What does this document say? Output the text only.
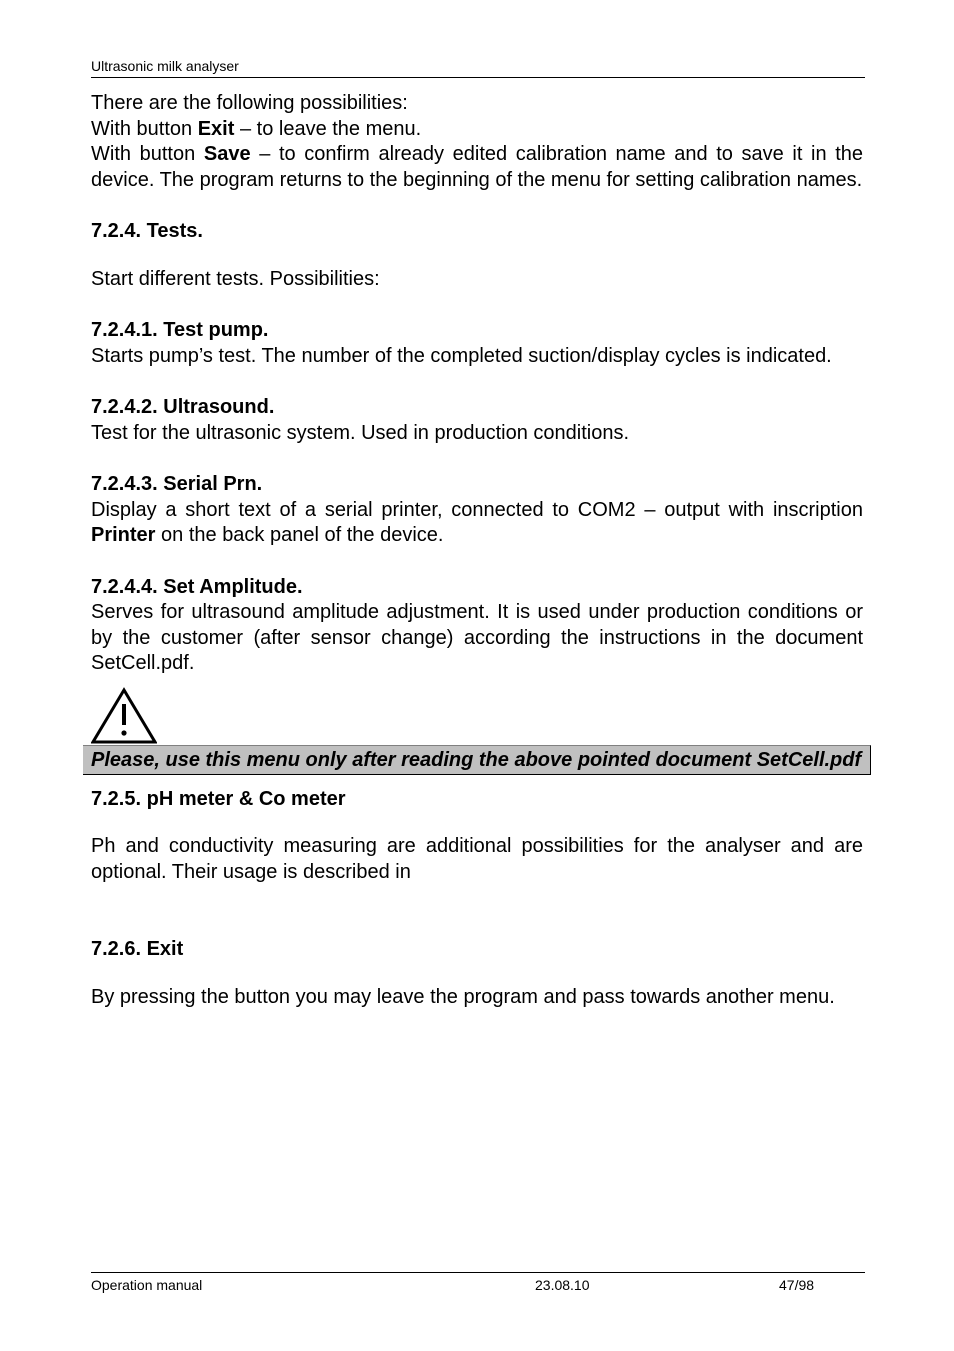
Ultrasonic milk analyser

There are the following possibilities:

With button Exit – to leave the menu.

With button Save – to confirm already edited calibration name and to save it in the device. The program returns to the beginning of the menu for setting calibration names.

7.2.4. Tests.

Start different tests. Possibilities:

7.2.4.1. Test pump.

Starts pump’s test. The number of the completed suction/display cycles is indicated.

7.2.4.2. Ultrasound.

Test for the ultrasonic system. Used in production conditions.

7.2.4.3. Serial Prn.

Display a short text of a serial printer, connected to COM2 – output with inscription Printer on the back panel of the device.

7.2.4.4. Set Amplitude.

Serves for ultrasound amplitude adjustment. It is used under production conditions or by the customer (after sensor change) according the instructions in the document SetCell.pdf.

Please, use this menu only after reading the above pointed document SetCell.pdf

7.2.5. pH meter & Co meter

Ph and conductivity measuring are additional possibilities for the analyser and are optional. Their usage is described in

7.2.6. Exit

By pressing the button you may leave the program and pass towards another menu.

Operation manual	23.08.10	47/98
